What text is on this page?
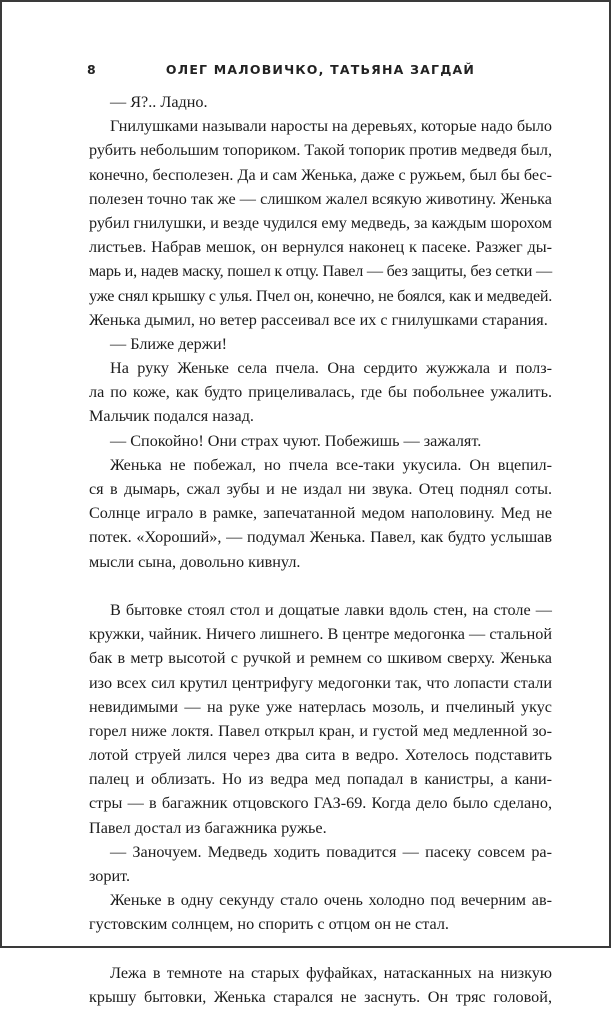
8	ОЛЕГ МАЛОВИЧКО, ТАТЬЯНА ЗАГДАЙ
— Я?.. Ладно.
Гнилушками называли наросты на деревьях, которые надо было
рубить небольшим топориком. Такой топорик против медведя был,
конечно, бесполезен. Да и сам Женька, даже с ружьем, был бы бес-
полезен точно так же — слишком жалел всякую животину. Женька
рубил гнилушки, и везде чудился ему медведь, за каждым шорохом
листьев. Набрав мешок, он вернулся наконец к пасеке. Разжег ды-
марь и, надев маску, пошел к отцу. Павел — без защиты, без сетки —
уже снял крышку с улья. Пчел он, конечно, не боялся, как и медведей.
Женька дымил, но ветер рассеивал все их с гнилушками старания.
— Ближе держи!
На руку Женьке села пчела. Она сердито жужжала и полз-
ла по коже, как будто прицеливалась, где бы побольнее ужалить.
Мальчик подался назад.
— Спокойно! Они страх чуют. Побежишь — зажалят.
Женька не побежал, но пчела все-таки укусила. Он вцепил-
ся в дымарь, сжал зубы и не издал ни звука. Отец поднял соты.
Солнце играло в рамке, запечатанной медом наполовину. Мед не
потек. «Хороший», — подумал Женька. Павел, как будто услышав
мысли сына, довольно кивнул.
В бытовке стоял стол и дощатые лавки вдоль стен, на столе —
кружки, чайник. Ничего лишнего. В центре медогонка — стальной
бак в метр высотой с ручкой и ремнем со шкивом сверху. Женька
изо всех сил крутил центрифугу медогонки так, что лопасти стали
невидимыми — на руке уже натерлась мозоль, и пчелиный укус
горел ниже локтя. Павел открыл кран, и густой мед медленной зо-
лотой струей лился через два сита в ведро. Хотелось подставить
палец и облизать. Но из ведра мед попадал в канистры, а кани-
стры — в багажник отцовского ГАЗ-69. Когда дело было сделано,
Павел достал из багажника ружье.
— Заночуем. Медведь ходить повадится — пасеку совсем ра-
зорит.
Женьке в одну секунду стало очень холодно под вечерним ав-
густовским солнцем, но спорить с отцом он не стал.
Лежа в темноте на старых фуфайках, натасканных на низкую
крышу бытовки, Женька старался не заснуть. Он тряс головой,
